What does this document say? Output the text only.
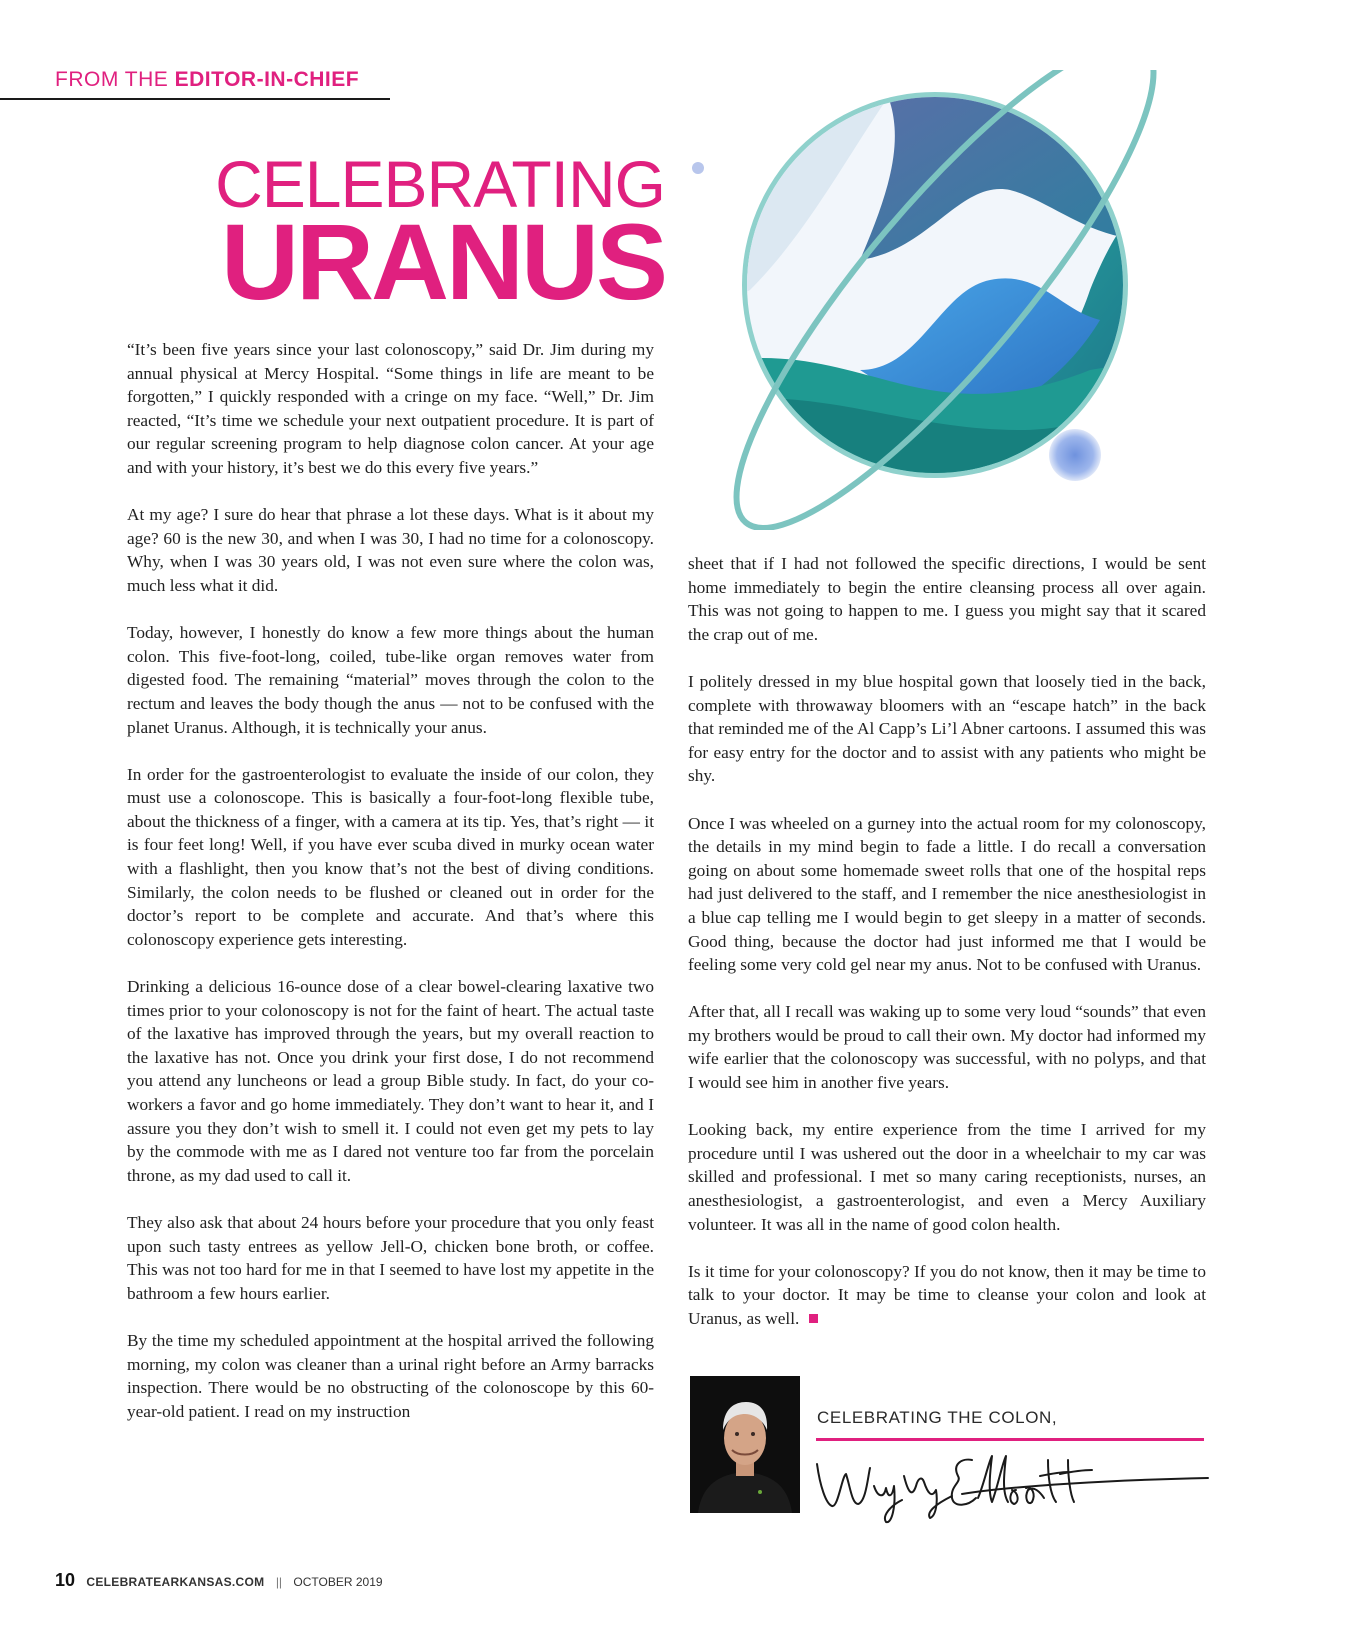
FROM THE EDITOR-IN-CHIEF
CELEBRATING
URANUS

“It’s been five years since your last colonoscopy,” said Dr. Jim during my annual physical at Mercy Hospital. “Some things in life are meant to be forgotten,” I quickly responded with a cringe on my face. “Well,” Dr. Jim reacted, “It’s time we schedule your next outpatient procedure. It is part of our regular screening program to help diagnose colon cancer. At your age and with your history, it’s best we do this every five years.”

At my age? I sure do hear that phrase a lot these days. What is it about my age? 60 is the new 30, and when I was 30, I had no time for a colonoscopy. Why, when I was 30 years old, I was not even sure where the colon was, much less what it did.

Today, however, I honestly do know a few more things about the human colon. This five-foot-long, coiled, tube-like organ removes water from digested food. The remaining “material” moves through the colon to the rectum and leaves the body though the anus — not to be confused with the planet Uranus. Although, it is technically your anus.

In order for the gastroenterologist to evaluate the inside of our colon, they must use a colonoscope. This is basically a four-foot-long flexible tube, about the thickness of a finger, with a camera at its tip. Yes, that’s right — it is four feet long! Well, if you have ever scuba dived in murky ocean water with a flashlight, then you know that’s not the best of diving conditions. Similarly, the colon needs to be flushed or cleaned out in order for the doctor’s report to be complete and accurate. And that’s where this colonoscopy experience gets interesting.

Drinking a delicious 16-ounce dose of a clear bowel-clearing laxative two times prior to your colonoscopy is not for the faint of heart. The actual taste of the laxative has improved through the years, but my overall reaction to the laxative has not. Once you drink your first dose, I do not recommend you attend any luncheons or lead a group Bible study. In fact, do your co-workers a favor and go home immediately. They don’t want to hear it, and I assure you they don’t wish to smell it. I could not even get my pets to lay by the commode with me as I dared not venture too far from the porcelain throne, as my dad used to call it.

They also ask that about 24 hours before your procedure that you only feast upon such tasty entrees as yellow Jell-O, chicken bone broth, or coffee. This was not too hard for me in that I seemed to have lost my appetite in the bathroom a few hours earlier.

By the time my scheduled appointment at the hospital arrived the following morning, my colon was cleaner than a urinal right before an Army barracks inspection. There would be no obstructing of the colonoscope by this 60-year-old patient. I read on my instruction

sheet that if I had not followed the specific directions, I would be sent home immediately to begin the entire cleansing process all over again. This was not going to happen to me. I guess you might say that it scared the crap out of me.

I politely dressed in my blue hospital gown that loosely tied in the back, complete with throwaway bloomers with an “escape hatch” in the back that reminded me of the Al Capp’s Li’l Abner cartoons. I assumed this was for easy entry for the doctor and to assist with any patients who might be shy.

Once I was wheeled on a gurney into the actual room for my colonoscopy, the details in my mind begin to fade a little. I do recall a conversation going on about some homemade sweet rolls that one of the hospital reps had just delivered to the staff, and I remember the nice anesthesiologist in a blue cap telling me I would begin to get sleepy in a matter of seconds. Good thing, because the doctor had just informed me that I would be feeling some very cold gel near my anus. Not to be confused with Uranus.

After that, all I recall was waking up to some very loud “sounds” that even my brothers would be proud to call their own. My doctor had informed my wife earlier that the colonoscopy was successful, with no polyps, and that I would see him in another five years.

Looking back, my entire experience from the time I arrived for my procedure until I was ushered out the door in a wheelchair to my car was skilled and professional. I met so many caring receptionists, nurses, an anesthesiologist, a gastroenterologist, and even a Mercy Auxiliary volunteer. It was all in the name of good colon health.

Is it time for your colonoscopy? If you do not know, then it may be time to talk to your doctor. It may be time to cleanse your colon and look at Uranus, as well.

CELEBRATING THE COLON,
10 CELEBRATEARKANSAS.COM || OCTOBER 2019
